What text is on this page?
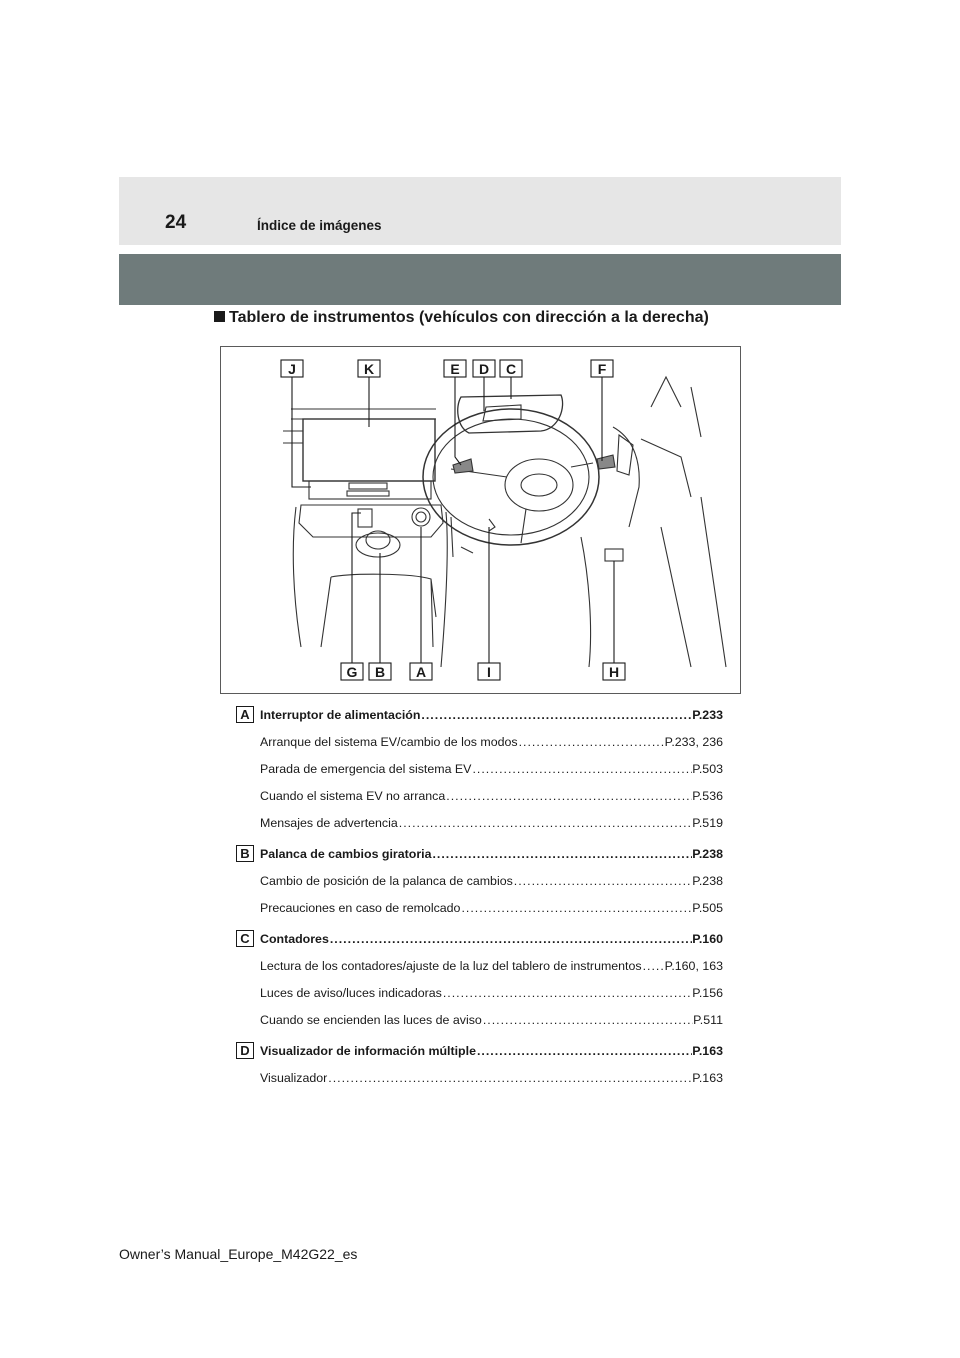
24	Índice de imágenes
Tablero de instrumentos (vehículos con dirección a la derecha)
J	K	E D C	F
G B A	I	H
A Interruptor de alimentación .....	P.233
Arranque del sistema EV/cambio de los modos .....	P.233, 236
Parada de emergencia del sistema EV .....	P.503
Cuando el sistema EV no arranca .....	P.536
Mensajes de advertencia .....	P.519
B Palanca de cambios giratoria .....	P.238
Cambio de posición de la palanca de cambios .....	P.238
Precauciones en caso de remolcado .....	P.505
C Contadores .....	P.160
Lectura de los contadores/ajuste de la luz del tablero de instrumentos ..... P.160, 163
Luces de aviso/luces indicadoras .....	P.156
Cuando se encienden las luces de aviso .....	P.511
D Visualizador de información múltiple .....	P.163
Visualizador .....	P.163
Owner’s Manual_Europe_M42G22_es
